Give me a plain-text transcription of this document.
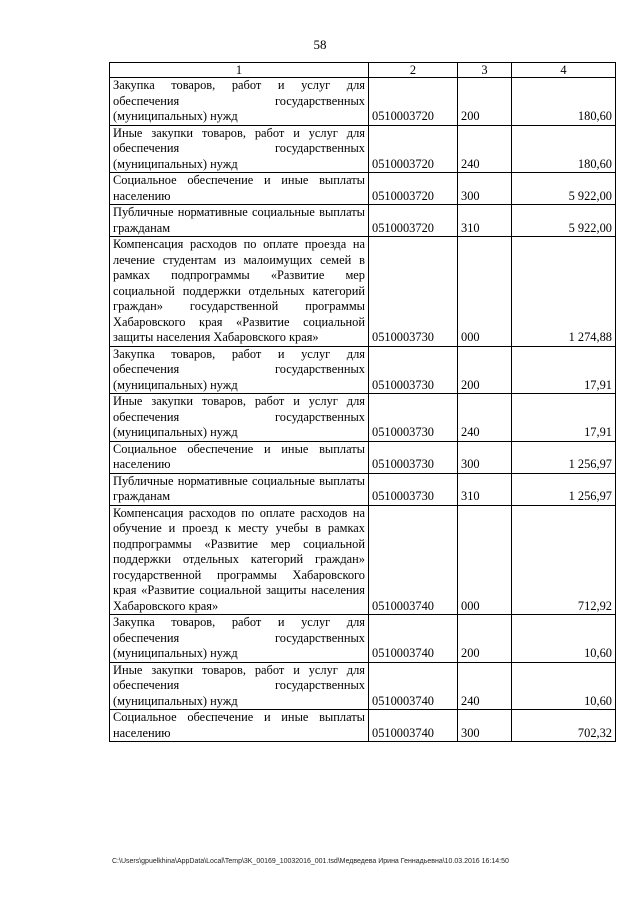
58
1	2	3	4
Закупка товаров, работ и услуг для обеспечения государственных (муниципальных) нужд	0510003720	200	180,60
Иные закупки товаров, работ и услуг для обеспечения государственных (муниципальных) нужд	0510003720	240	180,60
Социальное обеспечение и иные выплаты населению	0510003720	300	5 922,00
Публичные нормативные социальные выплаты гражданам	0510003720	310	5 922,00
Компенсация расходов по оплате проезда на лечение студентам из малоимущих семей в рамках подпрограммы «Развитие мер социальной поддержки отдельных категорий граждан» государственной программы Хабаровского края «Развитие социальной защиты населения Хабаровского края»	0510003730	000	1 274,88
Закупка товаров, работ и услуг для обеспечения государственных (муниципальных) нужд	0510003730	200	17,91
Иные закупки товаров, работ и услуг для обеспечения государственных (муниципальных) нужд	0510003730	240	17,91
Социальное обеспечение и иные выплаты населению	0510003730	300	1 256,97
Публичные нормативные социальные выплаты гражданам	0510003730	310	1 256,97
Компенсация расходов по оплате расходов на обучение и проезд к месту учебы в рамках подпрограммы «Развитие мер социальной поддержки отдельных категорий граждан» государственной программы Хабаровского края «Развитие социальной защиты населения Хабаровского края»	0510003740	000	712,92
Закупка товаров, работ и услуг для обеспечения государственных (муниципальных) нужд	0510003740	200	10,60
Иные закупки товаров, работ и услуг для обеспечения государственных (муниципальных) нужд	0510003740	240	10,60
Социальное обеспечение и иные выплаты населению	0510003740	300	702,32
C:\Users\gpuelkhina\AppData\Local\Temp\3K_00169_10032016_001.tsd\Медведева Ирина Геннадьевна\10.03.2016 16:14:50
